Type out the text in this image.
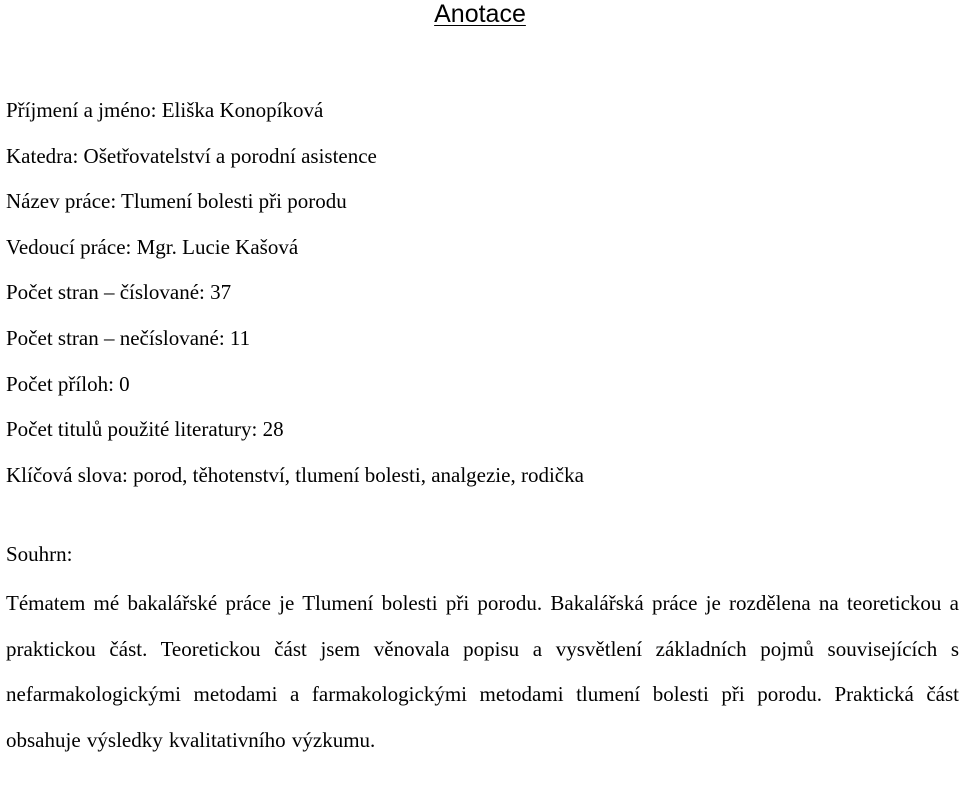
Anotace
Příjmení a jméno: Eliška Konopíková
Katedra: Ošetřovatelství a porodní asistence
Název práce: Tlumení bolesti při porodu
Vedoucí práce: Mgr. Lucie Kašová
Počet stran – číslované: 37
Počet stran – nečíslované: 11
Počet příloh: 0
Počet titulů použité literatury: 28
Klíčová slova: porod, těhotenství, tlumení bolesti, analgezie, rodička
Souhrn:

Tématem mé bakalářské práce je Tlumení bolesti při porodu. Bakalářská práce je rozdělena na teoretickou a praktickou část. Teoretickou část jsem věnovala popisu a vysvětlení základních pojmů souvisejících s nefarmakologickými metodami a farmakologickými metodami tlumení bolesti při porodu. Praktická část obsahuje výsledky kvalitativního výzkumu.
